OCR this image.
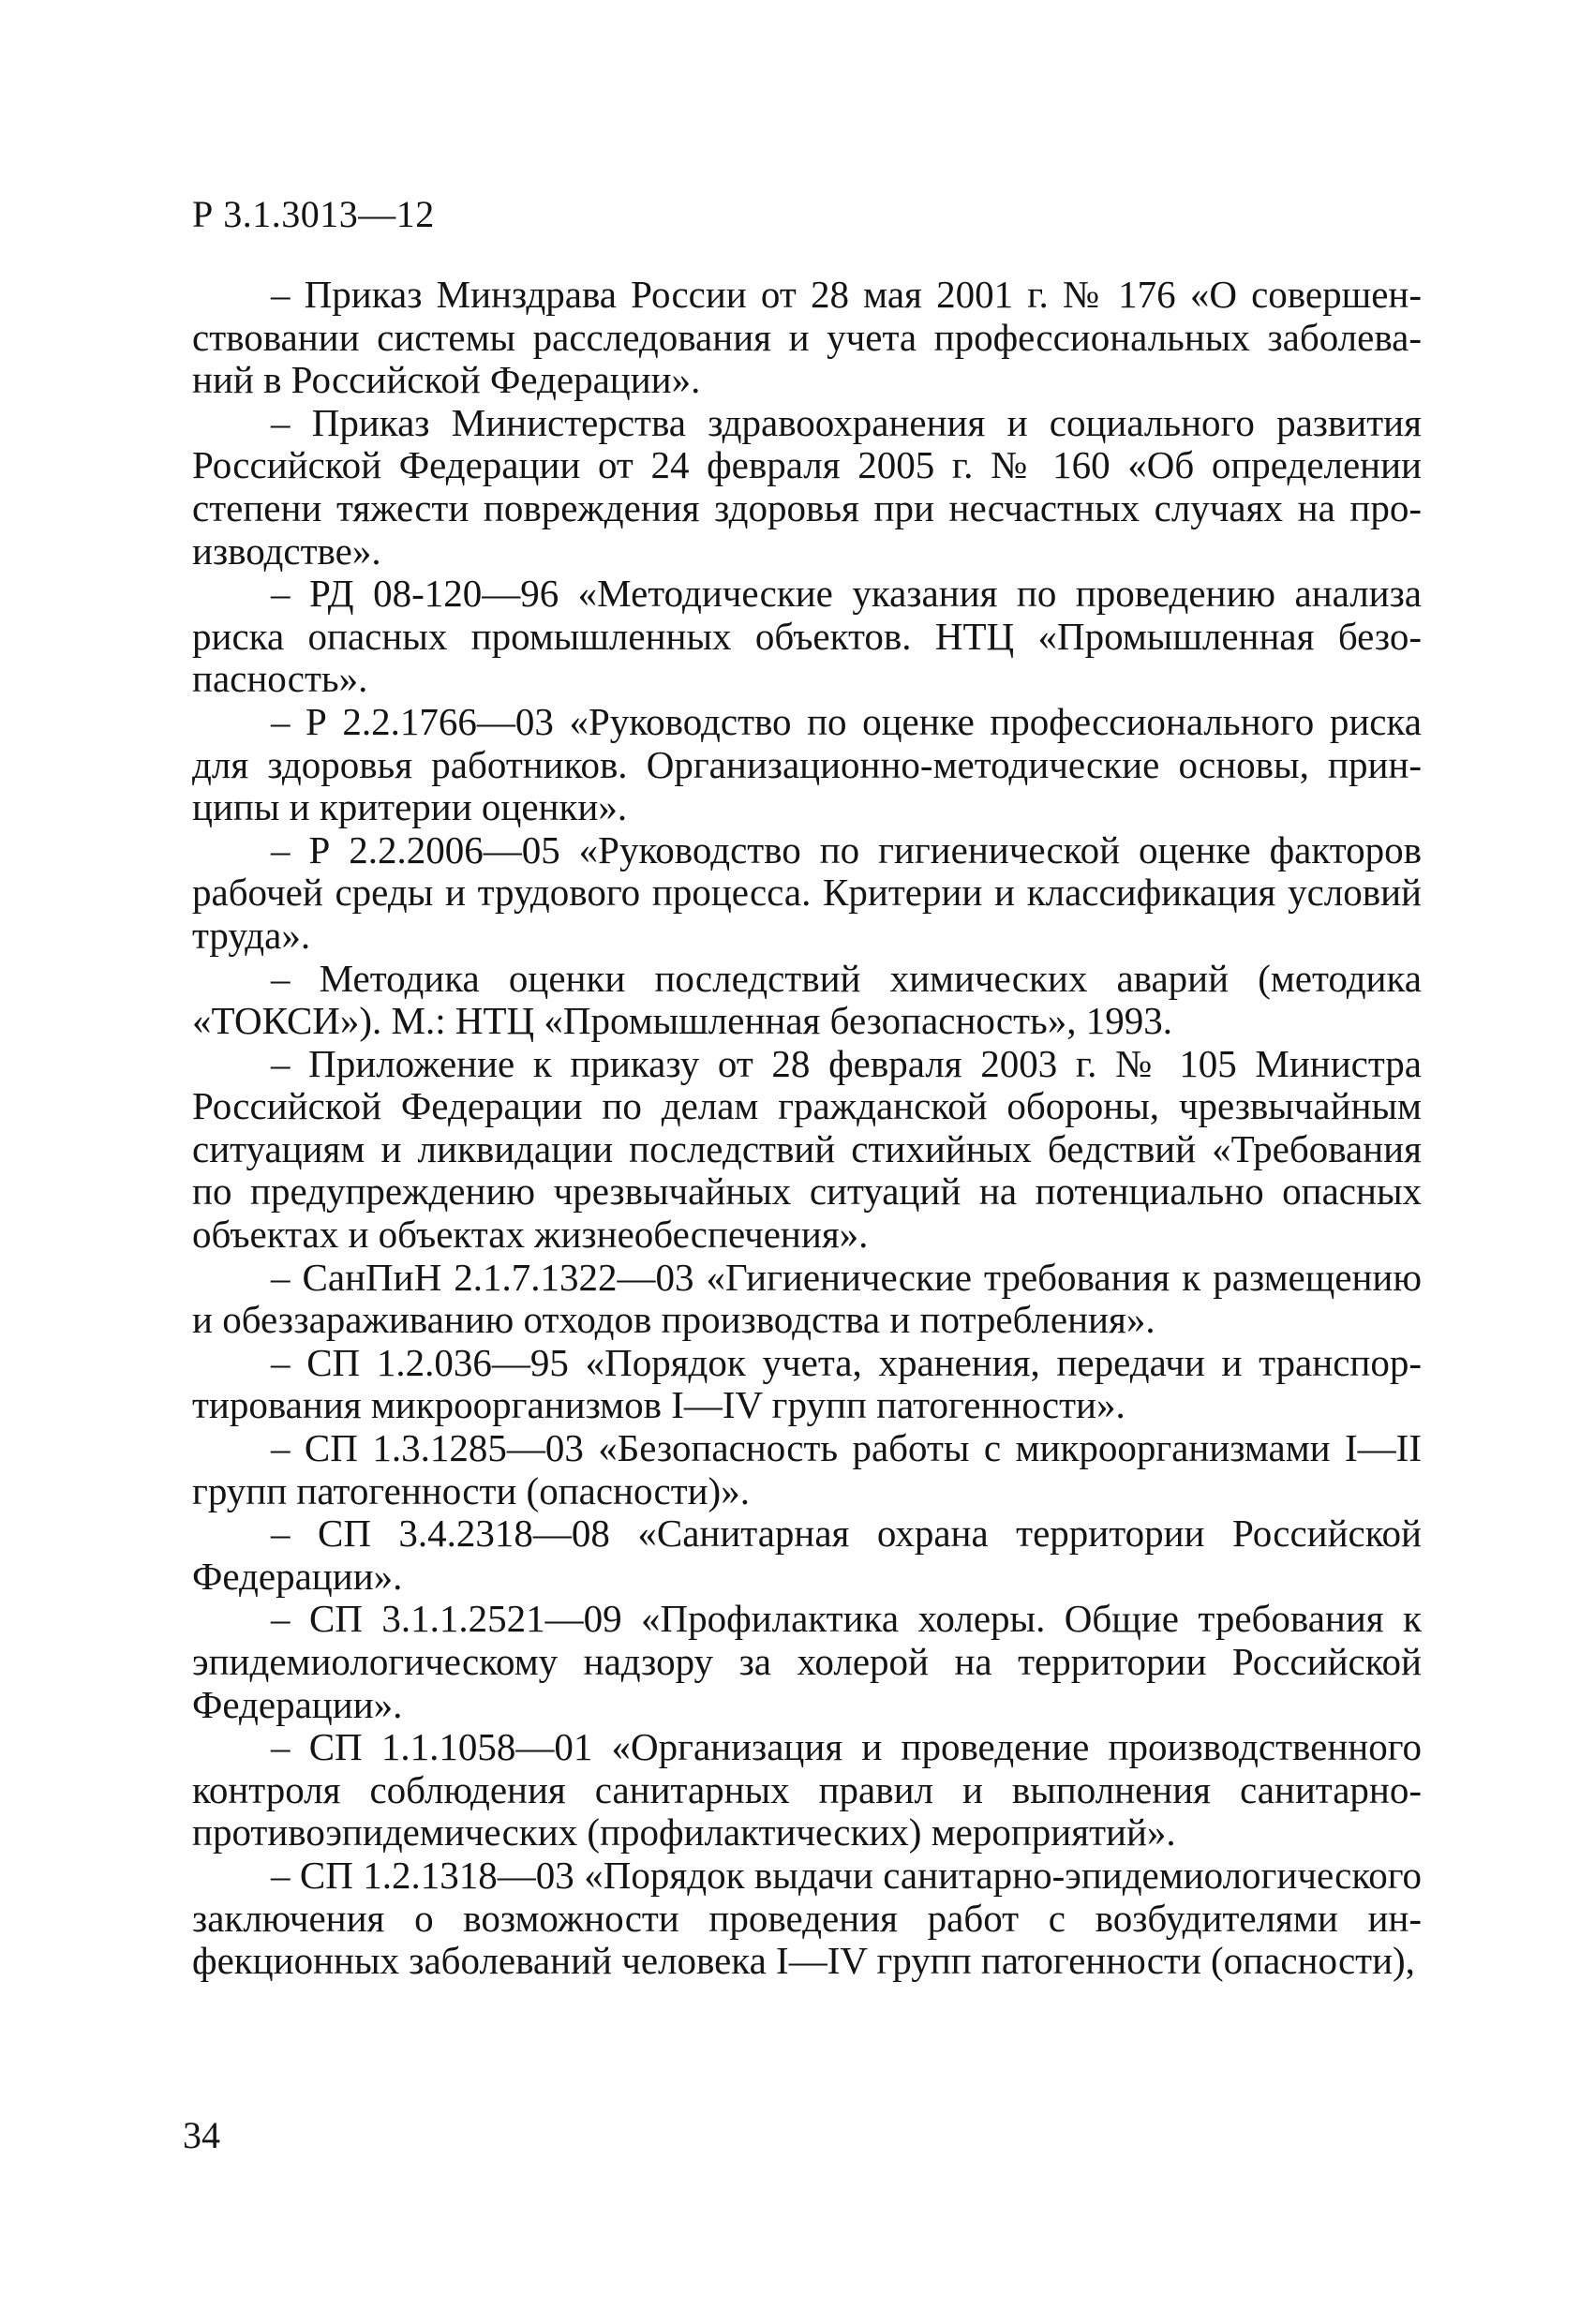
Р 3.1.3013—12

– Приказ Минздрава России от 28 мая 2001 г. № 176 «О совершенствовании системы расследования и учета профессиональных заболеваний в Российской Федерации».

– Приказ Министерства здравоохранения и социального развития Российской Федерации от 24 февраля 2005 г. № 160 «Об определении степени тяжести повреждения здоровья при несчастных случаях на производстве».

– РД 08-120—96 «Методические указания по проведению анализа риска опасных промышленных объектов. НТЦ «Промышленная безопасность».

– Р 2.2.1766—03 «Руководство по оценке профессионального риска для здоровья работников. Организационно-методические основы, принципы и критерии оценки».

– Р 2.2.2006—05 «Руководство по гигиенической оценке факторов рабочей среды и трудового процесса. Критерии и классификация условий труда».

– Методика оценки последствий химических аварий (методика «ТОКСИ»). М.: НТЦ «Промышленная безопасность», 1993.

– Приложение к приказу от 28 февраля 2003 г. № 105 Министра Российской Федерации по делам гражданской обороны, чрезвычайным ситуациям и ликвидации последствий стихийных бедствий «Требования по предупреждению чрезвычайных ситуаций на потенциально опасных объектах и объектах жизнеобеспечения».

– СанПиН 2.1.7.1322—03 «Гигиенические требования к размещению и обеззараживанию отходов производства и потребления».

– СП 1.2.036—95 «Порядок учета, хранения, передачи и транспортирования микроорганизмов I—IV групп патогенности».

– СП 1.3.1285—03 «Безопасность работы с микроорганизмами I—II групп патогенности (опасности)».

– СП 3.4.2318—08 «Санитарная охрана территории Российской Федерации».

– СП 3.1.1.2521—09 «Профилактика холеры. Общие требования к эпидемиологическому надзору за холерой на территории Российской Федерации».

– СП 1.1.1058—01 «Организация и проведение производственного контроля соблюдения санитарных правил и выполнения санитарно-противоэпидемических (профилактических) мероприятий».

– СП 1.2.1318—03 «Порядок выдачи санитарно-эпидемиологического заключения о возможности проведения работ с возбудителями инфекционных заболеваний человека I—IV групп патогенности (опасности),

34
